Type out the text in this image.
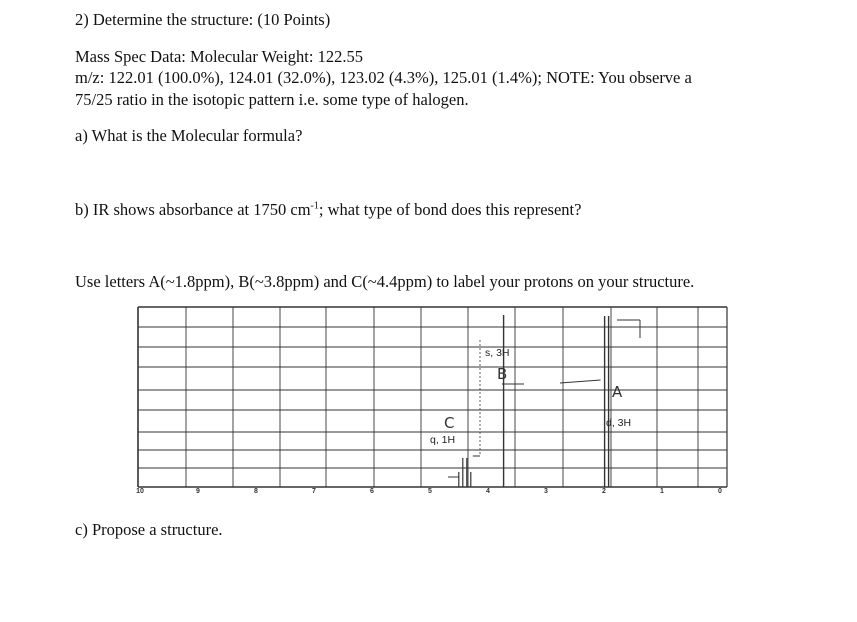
2) Determine the structure: (10 Points)
Mass Spec Data: Molecular Weight: 122.55
m/z: 122.01 (100.0%), 124.01 (32.0%), 123.02 (4.3%), 125.01 (1.4%); NOTE: You observe a
75/25 ratio in the isotopic pattern i.e. some type of halogen.
a) What is the Molecular formula?
b) IR shows absorbance at 1750 $cm^{-1}$; what type of bond does this represent?
Use letters A(~1.8ppm), B(~3.8ppm) and C(~4.4ppm) to label your protons on your structure.
10	9	8	7	6	5	4	3	2	1	0
s, 3H
B
A
d, 3H
C
q, 1H
c) Propose a structure.
